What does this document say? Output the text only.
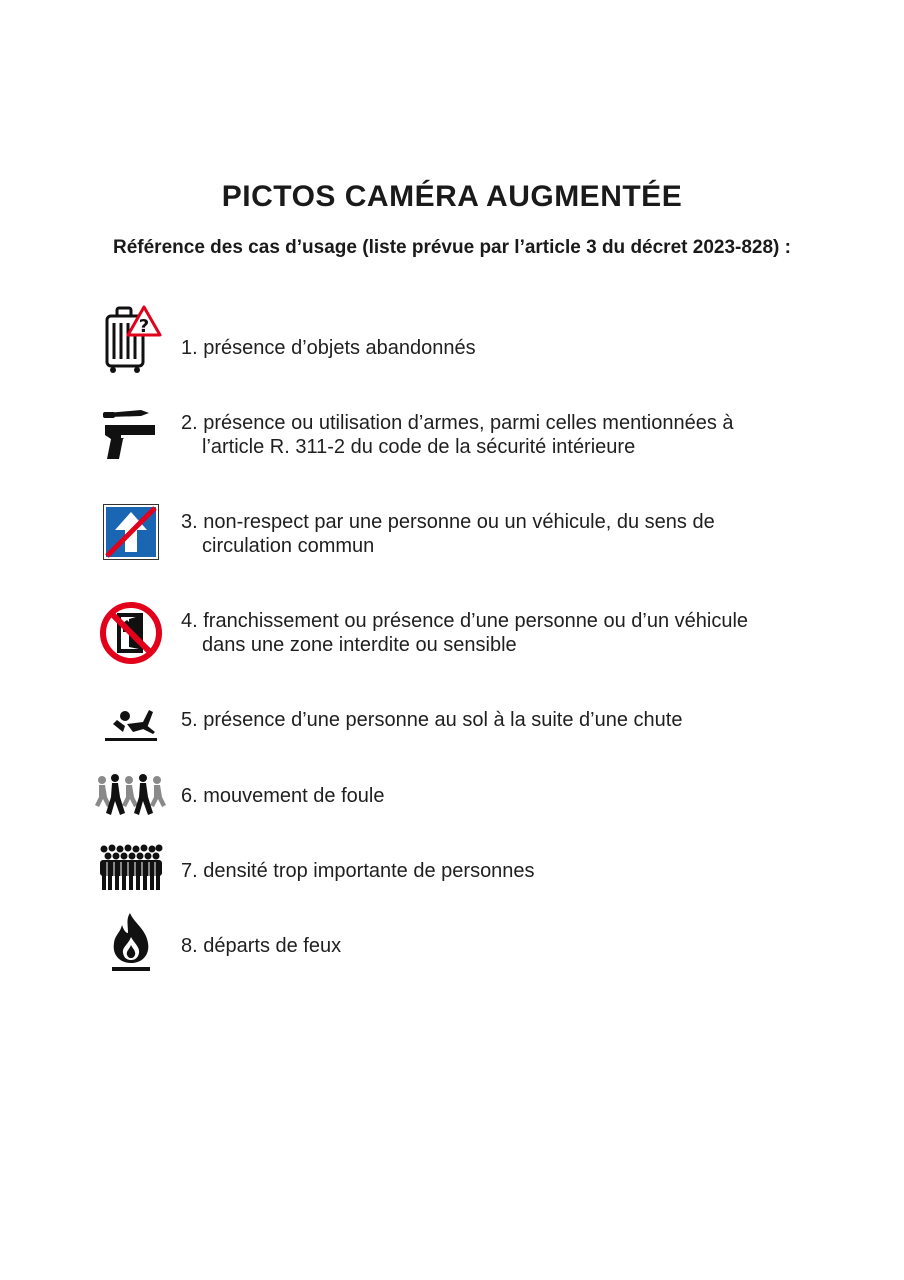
PICTOS CAMÉRA AUGMENTÉE
Référence des cas d’usage (liste prévue par l’article 3 du décret 2023-828) :
?
1. présence d’objets abandonnés
2. présence ou utilisation d’armes, parmi celles mentionnées à
l’article R. 311-2 du code de la sécurité intérieure
3. non-respect par une personne ou un véhicule, du sens de
circulation commun
4. franchissement ou présence d’une personne ou d’un véhicule
dans une zone interdite ou sensible
5. présence d’une personne au sol à la suite d’une chute
6. mouvement de foule
7. densité trop importante de personnes
8. départs de feux
